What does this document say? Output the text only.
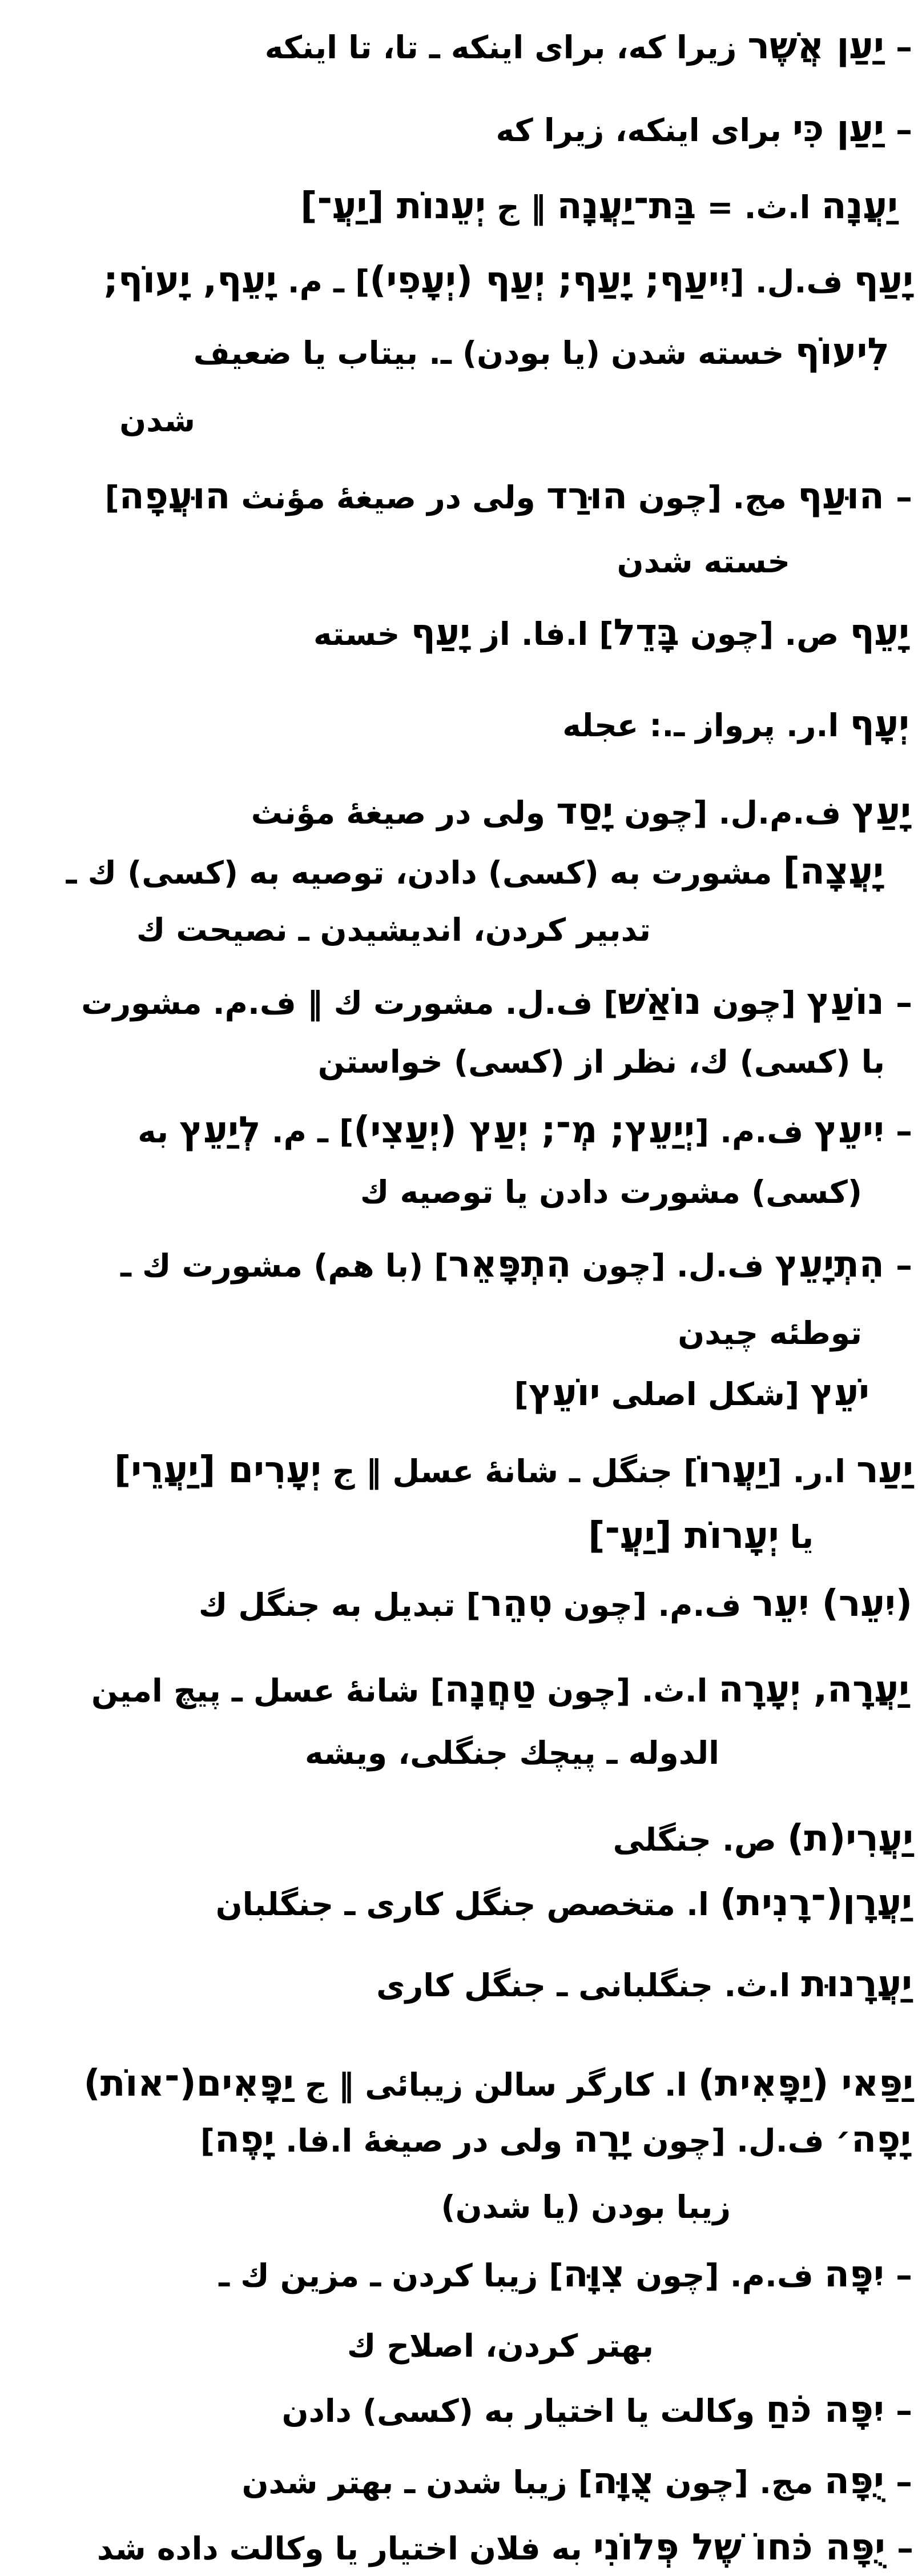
– יַעַן אֲשֶׁר زيرا كه، براى اينكه ـ تا، تا اينكه
– יַעַן כִּי براى اينكه، زيرا كه
יַעֲנָה ا.ث. = בַּת־יַעֲנָה ‖ ج יְעֵנוֹת [יַעֲ־]
יָעַף ف.ل. [יִיעַף; יָעַף; יְעַף (יְעָפִי)] ـ م. יָעֵף, יָעוֹף;
לִיעוֹף خسته شدن (يا بودن) ـ. بيتاب يا ضعيف
شدن
– הוּעַף مج. [چون הוּרַד ولى در صيغۀ مؤنث הוּעֲפָה]
خسته شدن
יָעֵף ص. [چون בָּדֵל] ا.فا. از יָעַף خسته
יְעָף ا.ر. پرواز ـ.: عجله
יָעַץ ف.م.ل. [چون יָסַד ولى در صيغۀ مؤنث
יָעֲצָה] مشورت به (كسى) دادن، توصيه به (كسى) ك ـ
تدبير كردن، انديشيدن ـ نصيحت ك
– נוֹעַץ [چون נוֹאַשׁ] ف.ل. مشورت ك ‖ ف.م. مشورت
با (كسى) ك، نظر از (كسى) خواستن
– יִיעֵץ ف.م. [יְיַעֵץ; מְ־; יְעַץ (יְעַצִי)] ـ م. לְיַעֵץ به
(كسى) مشورت دادن يا توصيه ك
– הִתְיָעֵץ ف.ل. [چون הִתְפָּאֵר] (با هم) مشورت ك ـ
توطئه چيدن
יֹעֵץ [شكل اصلى יוֹעֵץ]
יַעַר ا.ر. [יַעֲרוֹ] جنگل ـ شانۀ عسل ‖ ج יְעָרִים [יַעֲרֵי]
يا יְעָרוֹת [יַעֲ־]
(יִעֵר) יִעֵר ف.م. [چون טִהֵר] تبديل به جنگل ك
יַעֲרָה, יְעָרָה ا.ث. [چون טַחֲנָה] شانۀ عسل ـ پيچ امين
الدوله ـ پيچك جنگلى، ويشه
יַעֲרִי(ת) ص. جنگلى
יַעֲרָן(־רָנִית) ا. متخصص جنگل كارى ـ جنگلبان
יַעֲרָנוּת ا.ث. جنگلبانى ـ جنگل كارى
יַפַּאי (יַפָּאִית) ا. كارگر سالن زيبائى ‖ ج יַפָּאִים(־אוֹת)
יָפָה׳ ف.ل. [چون יָרָה ولى در صيغۀ ا.فا. יָפֶה]
زيبا بودن (يا شدن)
– יִפָּה ف.م. [چون צִוָּה] زيبا كردن ـ مزين ك ـ
بهتر كردن، اصلاح ك
– יִפָּה כֹּחַ وكالت يا اختيار به (كسى) دادن
– יֻפָּה مج. [چون צֻוָּה] زيبا شدن ـ بهتر شدن
– יֻפָּה כֹּחוֹ שֶׁל פְּלוֹנִי به فلان اختيار يا وكالت داده شد
